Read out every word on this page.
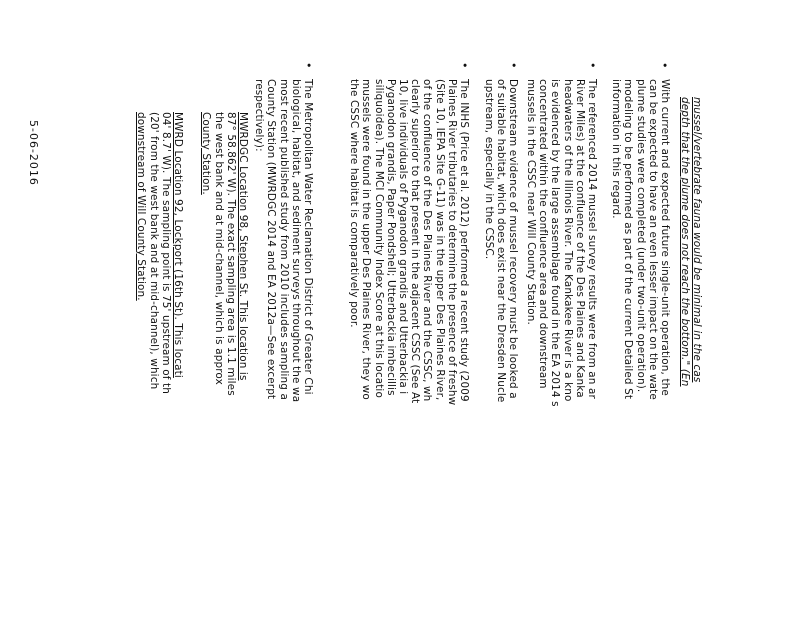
5-06-2016	mussel/vertebrate fauna would be minimal in the cas
depth that the plume does not reach the bottom." (En
•
With current and expected future single-unit operation, the
can be expected to have an even lesser impact on the wate
plume studies were completed (under two-unit operation).
modeling to be performed as part of the current Detailed St
information in this regard.
•
The referenced 2014 mussel survey results were from an ar
River Miles) at the confluence of the Des Plaines and Kanka
headwaters of the Illinois River. The Kankakee River is a kno
is evidenced by the large assemblage found in the EA 2014 s
concentrated within the confluence area and downstream
mussels in the CSSC near Will County Station.
•
Downstream evidence of mussel recovery must be looked a
of suitable habitat, which does exist near the Dresden Nucle
upstream, especially in the CSSC.
•
The INHS (Price et al. 2012) performed a recent study (2009
Plaines River tributaries to determine the presence of freshw
(Site 10, IEPA Site G-11) was in the upper Des Plaines River,
of the confluence of the Des Plaines River and the CSSC, wh
clearly superior to that present in the adjacent CSSC (See At
10, live individuals of Pyganodon grandis and Utterbackia i
Pyganodon grandis, Paper Pondshell; Utterbackia imbecillis
siliquoidea). The MCI Community Index Score at this locatio
mussels were found in the upper Des Plaines River, they wo
the CSSC where habitat is comparatively poor.
•
The Metropolitan Water Reclamation District of Greater Chi
biological, habitat, and sediment surveys throughout the wa
most recent published study from 2010 includes sampling a
County Station (MWRDGC 2014 and EA 2012a—See excerpt
respectively):
MWRDGC Location 98, Stephen St. This location is
87° 58.862' W). The exact sampling area is 1.1 miles
the west bank and at mid-channel, which is approx
County Station.
MWRD Location 92, Lockport (16th St). This locati
04' 8.7' W). The sampling point is 75' upstream of th
(20' from the west bank and at mid-channel), which
downstream of Will County Station.
